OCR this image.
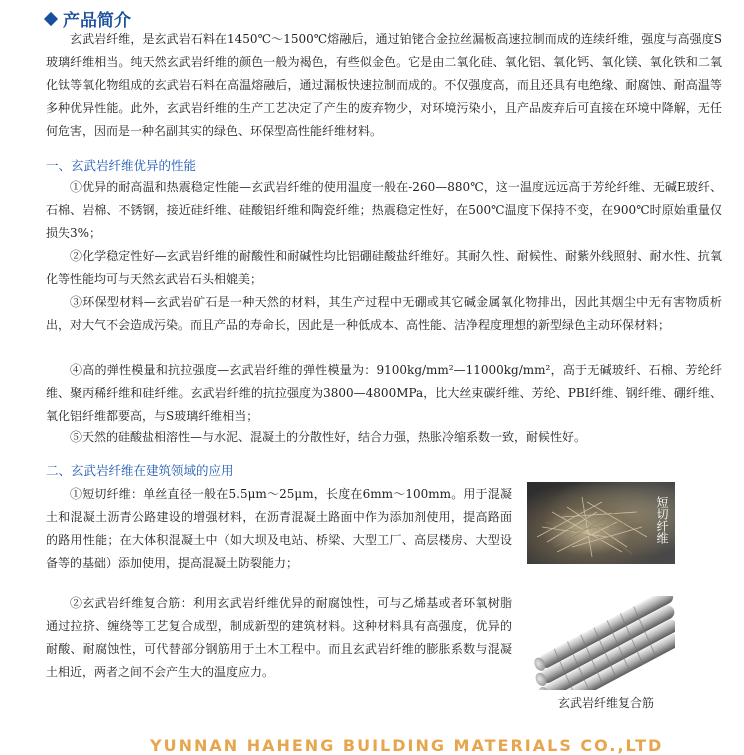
产品简介

玄武岩纤维，是玄武岩石料在1450℃～1500℃熔融后，通过铂铑合金拉丝漏板高速拉制而成的连续纤维，强度与高强度S玻璃纤维相当。纯天然玄武岩纤维的颜色一般为褐色，有些似金色。它是由二氧化硅、氧化铝、氧化钙、氧化镁、氧化铁和二氧化钛等氧化物组成的玄武岩石料在高温熔融后，通过漏板快速拉制而成的。不仅强度高，而且还具有电绝缘、耐腐蚀、耐高温等多种优异性能。此外，玄武岩纤维的生产工艺决定了产生的废弃物少，对环境污染小，且产品废弃后可直接在环境中降解，无任何危害，因而是一种名副其实的绿色、环保型高性能纤维材料。

一、玄武岩纤维优异的性能

①优异的耐高温和热震稳定性能—玄武岩纤维的使用温度一般在-260—880℃，这一温度远远高于芳纶纤维、无碱E玻纤、石棉、岩棉、不锈钢，接近硅纤维、硅酸铝纤维和陶瓷纤维；热震稳定性好，在500℃温度下保持不变，在900℃时原始重量仅损失3%；

②化学稳定性好—玄武岩纤维的耐酸性和耐碱性均比铝硼硅酸盐纤维好。其耐久性、耐候性、耐紫外线照射、耐水性、抗氧化等性能均可与天然玄武岩石头相媲美；

③环保型材料—玄武岩矿石是一种天然的材料，其生产过程中无硼或其它碱金属氧化物排出，因此其烟尘中无有害物质析出，对大气不会造成污染。而且产品的寿命长，因此是一种低成本、高性能、洁净程度理想的新型绿色主动环保材料；

④高的弹性模量和抗拉强度—玄武岩纤维的弹性模量为：9100kg/mm²—11000kg/mm²，高于无碱玻纤、石棉、芳纶纤维、聚丙稀纤维和硅纤维。玄武岩纤维的抗拉强度为3800—4800MPa，比大丝束碳纤维、芳纶、PBI纤维、钢纤维、硼纤维、氧化铝纤维都要高，与S玻璃纤维相当；

⑤天然的硅酸盐相溶性—与水泥、混凝土的分散性好，结合力强，热胀冷缩系数一致，耐候性好。

二、玄武岩纤维在建筑领域的应用

①短切纤维：单丝直径一般在5.5μm～25μm，长度在6mm～100mm。用于混凝土和混凝土沥青公路建设的增强材料，在沥青混凝土路面中作为添加剂使用，提高路面的路用性能；在大体积混凝土中（如大坝及电站、桥梁、大型工厂、高层楼房、大型设备等的基础）添加使用，提高混凝土防裂能力；

②玄武岩纤维复合筋：利用玄武岩纤维优异的耐腐蚀性，可与乙烯基或者环氧树脂通过拉挤、缠绕等工艺复合成型，制成新型的建筑材料。这种材料具有高强度，优异的耐酸、耐腐蚀性，可代替部分钢筋用于土木工程中。而且玄武岩纤维的膨胀系数与混凝土相近，两者之间不会产生大的温度应力。

短切纤维
玄武岩纤维复合筋
YUNNAN HAHENG BUILDING MATERIALS CO.,LTD
